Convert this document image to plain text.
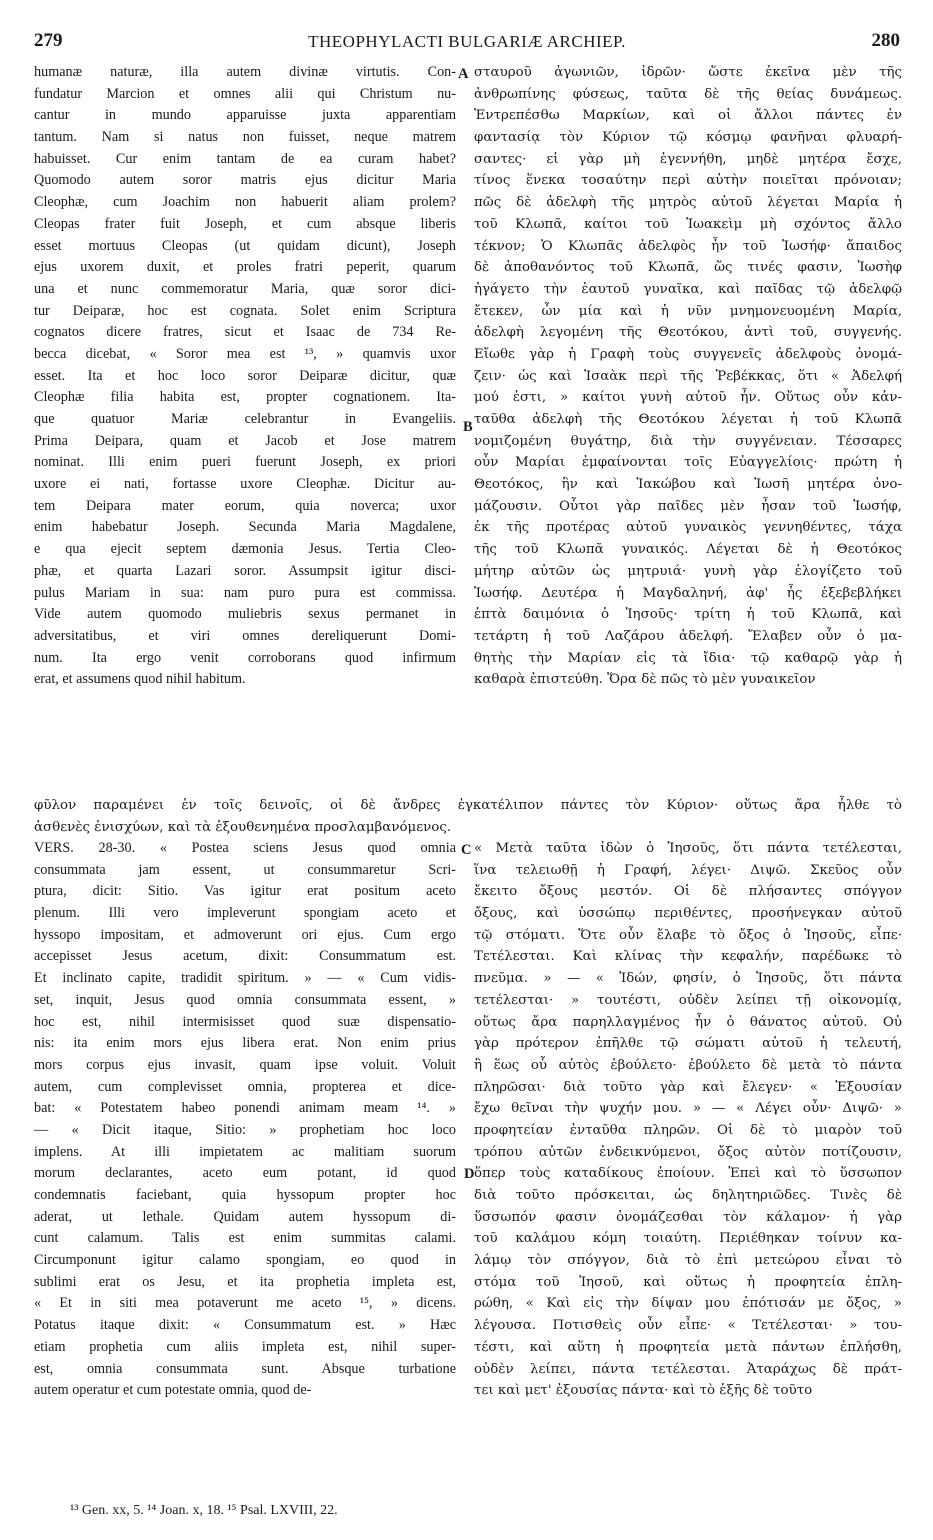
279	THEOPHYLACTI BULGARIÆ ARCHIEP.	280
humanæ naturæ, illa autem divinæ virtutis. Con-
fundatur Marcion et omnes alii qui Christum nu-
cantur in mundo apparuisse juxta apparentiam
tantum. Nam si natus non fuisset, neque matrem
habuisset. Cur enim tantam de ea curam habet?
Quomodo autem soror matris ejus dicitur Maria
Cleophæ, cum Joachim non habuerit aliam prolem?
Cleopas frater fuit Joseph, et cum absque liberis
esset mortuus Cleopas (ut quidam dicunt), Joseph
ejus uxorem duxit, et proles fratri peperit, quarum
una et nunc commemoratur Maria, quæ soror dici-
tur Deiparæ, hoc est cognata. Solet enim Scriptura
cognatos dicere fratres, sicut et Isaac de 734 Re-
becca dicebat, « Soror mea est ¹³, » quamvis uxor
esset. Ita et hoc loco soror Deiparæ dicitur, quæ
Cleophæ filia habita est, propter cognationem. Ita-
que quatuor Mariæ celebrantur in Evangeliis.
Prima Deipara, quam et Jacob et Jose matrem
nominat. Illi enim pueri fuerunt Joseph, ex priori
uxore ei nati, fortasse uxore Cleophæ. Dicitur au-
tem Deipara mater eorum, quia noverca; uxor
enim habebatur Joseph. Secunda Maria Magdalene,
e qua ejecit septem dæmonia Jesus. Tertia Cleo-
phæ, et quarta Lazari soror. Assumpsit igitur disci-
pulus Mariam in sua: nam puro pura est commissa.
Vide autem quomodo muliebris sexus permanet in
adversitatibus, et viri omnes dereliquerunt Domi-
num. Ita ergo venit corroborans quod infirmum
erat, et assumens quod nihil habitum.
σταυροῦ ἀγωνιῶν, ἰδρῶν· ὥστε ἐκεῖνα μὲν τῆς
ἀνθρωπίνης φύσεως, ταῦτα δὲ τῆς θείας δυνάμεως.
Ἐντρεπέσθω Μαρκίων, καὶ οἱ ἄλλοι πάντες ἐν
φαντασίᾳ τὸν Κύριον τῷ κόσμῳ φανῆναι φλυαρή-
σαντες· εἰ γὰρ μὴ ἐγεννήθη, μηδὲ μητέρα ἔσχε,
τίνος ἕνεκα τοσαύτην περὶ αὐτὴν ποιεῖται πρόνοιαν;
πῶς δὲ ἀδελφὴ τῆς μητρὸς αὐτοῦ λέγεται Μαρία ἡ
τοῦ Κλωπᾶ, καίτοι τοῦ Ἰωακεὶμ μὴ σχόντος ἄλλο
τέκνον; Ὁ Κλωπᾶς ἀδελφὸς ἦν τοῦ Ἰωσήφ· ἄπαιδος
δὲ ἀποθανόντος τοῦ Κλωπᾶ, ὥς τινές φασιν, Ἰωσὴφ
ἠγάγετο τὴν ἑαυτοῦ γυναῖκα, καὶ παῖδας τῷ ἀδελφῷ
ἔτεκεν, ὧν μία καὶ ἡ νῦν μνημονευομένη Μαρία,
ἀδελφὴ λεγομένη τῆς Θεοτόκου, ἀντὶ τοῦ, συγγενής.
Εἴωθε γὰρ ἡ Γραφὴ τοὺς συγγενεῖς ἀδελφοὺς ὀνομά-
ζειν· ὡς καὶ Ἰσαὰκ περὶ τῆς Ῥεβέκκας, ὅτι « Ἀδελφή
μού ἐστι, » καίτοι γυνὴ αὐτοῦ ἦν. Οὕτως οὖν κἀν-
ταῦθα ἀδελφὴ τῆς Θεοτόκου λέγεται ἡ τοῦ Κλωπᾶ
νομιζομένη θυγάτηρ, διὰ τὴν συγγένειαν. Τέσσαρες
οὖν Μαρίαι ἐμφαίνονται τοῖς Εὐαγγελίοις· πρώτη ἡ
Θεοτόκος, ἣν καὶ Ἰακώβου καὶ Ἰωσῆ μητέρα ὀνο-
μάζουσιν. Οὗτοι γὰρ παῖδες μὲν ἦσαν τοῦ Ἰωσήφ,
ἐκ τῆς προτέρας αὐτοῦ γυναικὸς γεννηθέντες, τάχα
τῆς τοῦ Κλωπᾶ γυναικός. Λέγεται δὲ ἡ Θεοτόκος
μήτηρ αὐτῶν ὡς μητρυιά· γυνὴ γὰρ ἐλογίζετο τοῦ
Ἰωσήφ. Δευτέρα ἡ Μαγδαληνή, ἀφ' ἧς ἐξεβεβλήκει
ἑπτὰ δαιμόνια ὁ Ἰησοῦς· τρίτη ἡ τοῦ Κλωπᾶ, καὶ
τετάρτη ἡ τοῦ Λαζάρου ἀδελφή. Ἔλαβεν οὖν ὁ μα-
θητὴς τὴν Μαρίαν εἰς τὰ ἴδια· τῷ καθαρῷ γὰρ ἡ
καθαρὰ ἐπιστεύθη. Ὅρα δὲ πῶς τὸ μὲν γυναικεῖον
φῦλον παραμένει ἐν τοῖς δεινοῖς, οἱ δὲ ἄνδρες ἐγκατέλιπον πάντες τὸν Κύριον· οὕτως ἄρα ἦλθε τὸ
ἀσθενὲς ἐνισχύων, καὶ τὰ ἐξουθενημένα προσλαμβανόμενος.
VERS. 28-30. « Postea sciens Jesus quod omnia
consummata jam essent, ut consummaretur Scri-
ptura, dicit: Sitio. Vas igitur erat positum aceto
plenum. Illi vero impleverunt spongiam aceto et
hyssopo impositam, et admoverunt ori ejus. Cum ergo
accepisset Jesus acetum, dixit: Consummatum est.
Et inclinato capite, tradidit spiritum. » — « Cum vidis-
set, inquit, Jesus quod omnia consummata essent, »
hoc est, nihil intermisisset quod suæ dispensatio-
nis: ita enim mors ejus libera erat. Non enim prius
mors corpus ejus invasit, quam ipse voluit. Voluit
autem, cum complevisset omnia, propterea et dice-
bat: « Potestatem habeo ponendi animam meam ¹⁴. »
— « Dicit itaque, Sitio: » prophetiam hoc loco
implens. At illi impietatem ac malitiam suorum
morum declarantes, aceto eum potant, id quod
condemnatis faciebant, quia hyssopum propter hoc
aderat, ut lethale. Quidam autem hyssopum di-
cunt calamum. Talis est enim summitas calami.
Circumponunt igitur calamo spongiam, eo quod in
sublimi erat os Jesu, et ita prophetia impleta est,
« Et in siti mea potaverunt me aceto ¹⁵, » dicens.
Potatus itaque dixit: « Consummatum est. » Hæc
etiam prophetia cum aliis impleta est, nihil super-
est, omnia consummata sunt. Absque turbatione
autem operatur et cum potestate omnia, quod de-
« Μετὰ ταῦτα ἰδὼν ὁ Ἰησοῦς, ὅτι πάντα τετέλεσται,
ἵνα τελειωθῇ ἡ Γραφή, λέγει· Διψῶ. Σκεῦος οὖν
ἔκειτο ὄξους μεστόν. Οἱ δὲ πλήσαντες σπόγγον
ὄξους, καὶ ὑσσώπῳ περιθέντες, προσήνεγκαν αὐτοῦ
τῷ στόματι. Ὅτε οὖν ἔλαβε τὸ ὄξος ὁ Ἰησοῦς, εἶπε·
Τετέλεσται. Καὶ κλίνας τὴν κεφαλήν, παρέδωκε τὸ
πνεῦμα. » — « Ἰδών, φησίν, ὁ Ἰησοῦς, ὅτι πάντα
τετέλεσται· » τουτέστι, οὐδὲν λείπει τῇ οἰκονομίᾳ,
οὕτως ἄρα παρηλλαγμένος ἦν ὁ θάνατος αὐτοῦ. Οὐ
γὰρ πρότερον ἐπῆλθε τῷ σώματι αὐτοῦ ἡ τελευτή,
ἢ ἕως οὗ αὐτὸς ἐβούλετο· ἐβούλετο δὲ μετὰ τὸ πάντα
πληρῶσαι· διὰ τοῦτο γὰρ καὶ ἔλεγεν· « Ἐξουσίαν
ἔχω θεῖναι τὴν ψυχήν μου. » — « Λέγει οὖν· Διψῶ· »
προφητείαν ἐνταῦθα πληρῶν. Οἱ δὲ τὸ μιαρὸν τοῦ
τρόπου αὐτῶν ἐνδεικνύμενοι, ὄξος αὐτὸν ποτίζουσιν,
ὅπερ τοὺς καταδίκους ἐποίουν. Ἐπεὶ καὶ τὸ ὕσσωπον
διὰ τοῦτο πρόσκειται, ὡς δηλητηριῶδες. Τινὲς δὲ
ὕσσωπόν φασιν ὀνομάζεσθαι τὸν κάλαμον· ἡ γὰρ
τοῦ καλάμου κόμη τοιαύτη. Περιέθηκαν τοίνυν κα-
λάμῳ τὸν σπόγγον, διὰ τὸ ἐπὶ μετεώρου εἶναι τὸ
στόμα τοῦ Ἰησοῦ, καὶ οὕτως ἡ προφητεία ἐπλη-
ρώθη, « Καὶ εἰς τὴν δίψαν μου ἐπότισάν με ὄξος, »
λέγουσα. Ποτισθεὶς οὖν εἶπε· « Τετέλεσται· » του-
τέστι, καὶ αὕτη ἡ προφητεία μετὰ πάντων ἐπλήσθη,
οὐδὲν λείπει, πάντα τετέλεσται. Ἀταράχως δὲ πράτ-
τει καὶ μετ' ἐξουσίας πάντα· καὶ τὸ ἑξῆς δὲ τοῦτο
A
B
C
D
¹³ Gen. xx, 5. ¹⁴ Joan. x, 18. ¹⁵ Psal. LXVIII, 22.
